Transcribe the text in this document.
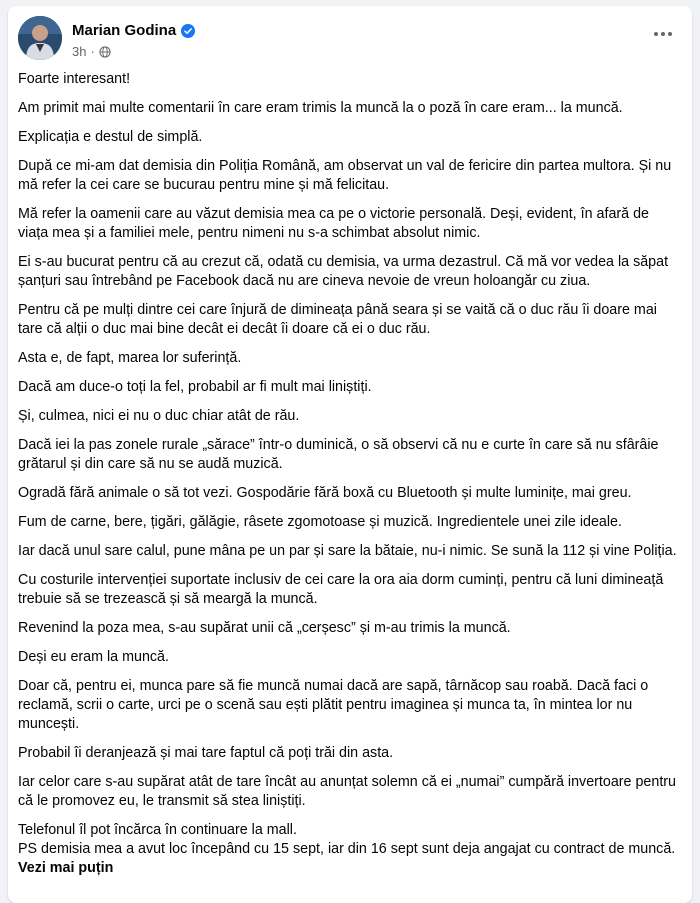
Marian Godina
3h ·

Foarte interesant!

Am primit mai multe comentarii în care eram trimis la muncă la o poză în care eram... la muncă.

Explicația e destul de simplă.

După ce mi-am dat demisia din Poliția Română, am observat un val de fericire din partea multora. Și nu mă refer la cei care se bucurau pentru mine și mă felicitau.

Mă refer la oamenii care au văzut demisia mea ca pe o victorie personală. Deși, evident, în afară de viața mea și a familiei mele, pentru nimeni nu s-a schimbat absolut nimic.

Ei s-au bucurat pentru că au crezut că, odată cu demisia, va urma dezastrul. Că mă vor vedea la săpat șanțuri sau întrebând pe Facebook dacă nu are cineva nevoie de vreun holoangăr cu ziua.

Pentru că pe mulți dintre cei care înjură de dimineața până seara și se vaită că o duc rău îi doare mai tare că alții o duc mai bine decât ei decât îi doare că ei o duc rău.

Asta e, de fapt, marea lor suferință.

Dacă am duce-o toți la fel, probabil ar fi mult mai liniștiți.

Și, culmea, nici ei nu o duc chiar atât de rău.

Dacă iei la pas zonele rurale „sărace” într-o duminică, o să observi că nu e curte în care să nu sfârâie grătarul și din care să nu se audă muzică.

Ogradă fără animale o să tot vezi. Gospodărie fără boxă cu Bluetooth și multe luminițe, mai greu.

Fum de carne, bere, țigări, gălăgie, râsete zgomotoase și muzică. Ingredientele unei zile ideale.

Iar dacă unul sare calul, pune mâna pe un par și sare la bătaie, nu-i nimic. Se sună la 112 și vine Poliția.

Cu costurile intervenției suportate inclusiv de cei care la ora aia dorm cuminți, pentru că luni dimineață trebuie să se trezească și să meargă la muncă.

Revenind la poza mea, s-au supărat unii că „cerșesc” și m-au trimis la muncă.

Deși eu eram la muncă.

Doar că, pentru ei, munca pare să fie muncă numai dacă are sapă, târnăcop sau roabă. Dacă faci o reclamă, scrii o carte, urci pe o scenă sau ești plătit pentru imaginea și munca ta, în mintea lor nu muncești.

Probabil îi deranjează și mai tare faptul că poți trăi din asta.

Iar celor care s-au supărat atât de tare încât au anunțat solemn că ei „numai” cumpără invertoare pentru că le promovez eu, le transmit să stea liniștiți.

Telefonul îl pot încărca în continuare la mall.

PS demisia mea a avut loc începând cu 15 sept, iar din 16 sept sunt deja angajat cu contract de muncă. Vezi mai puțin
